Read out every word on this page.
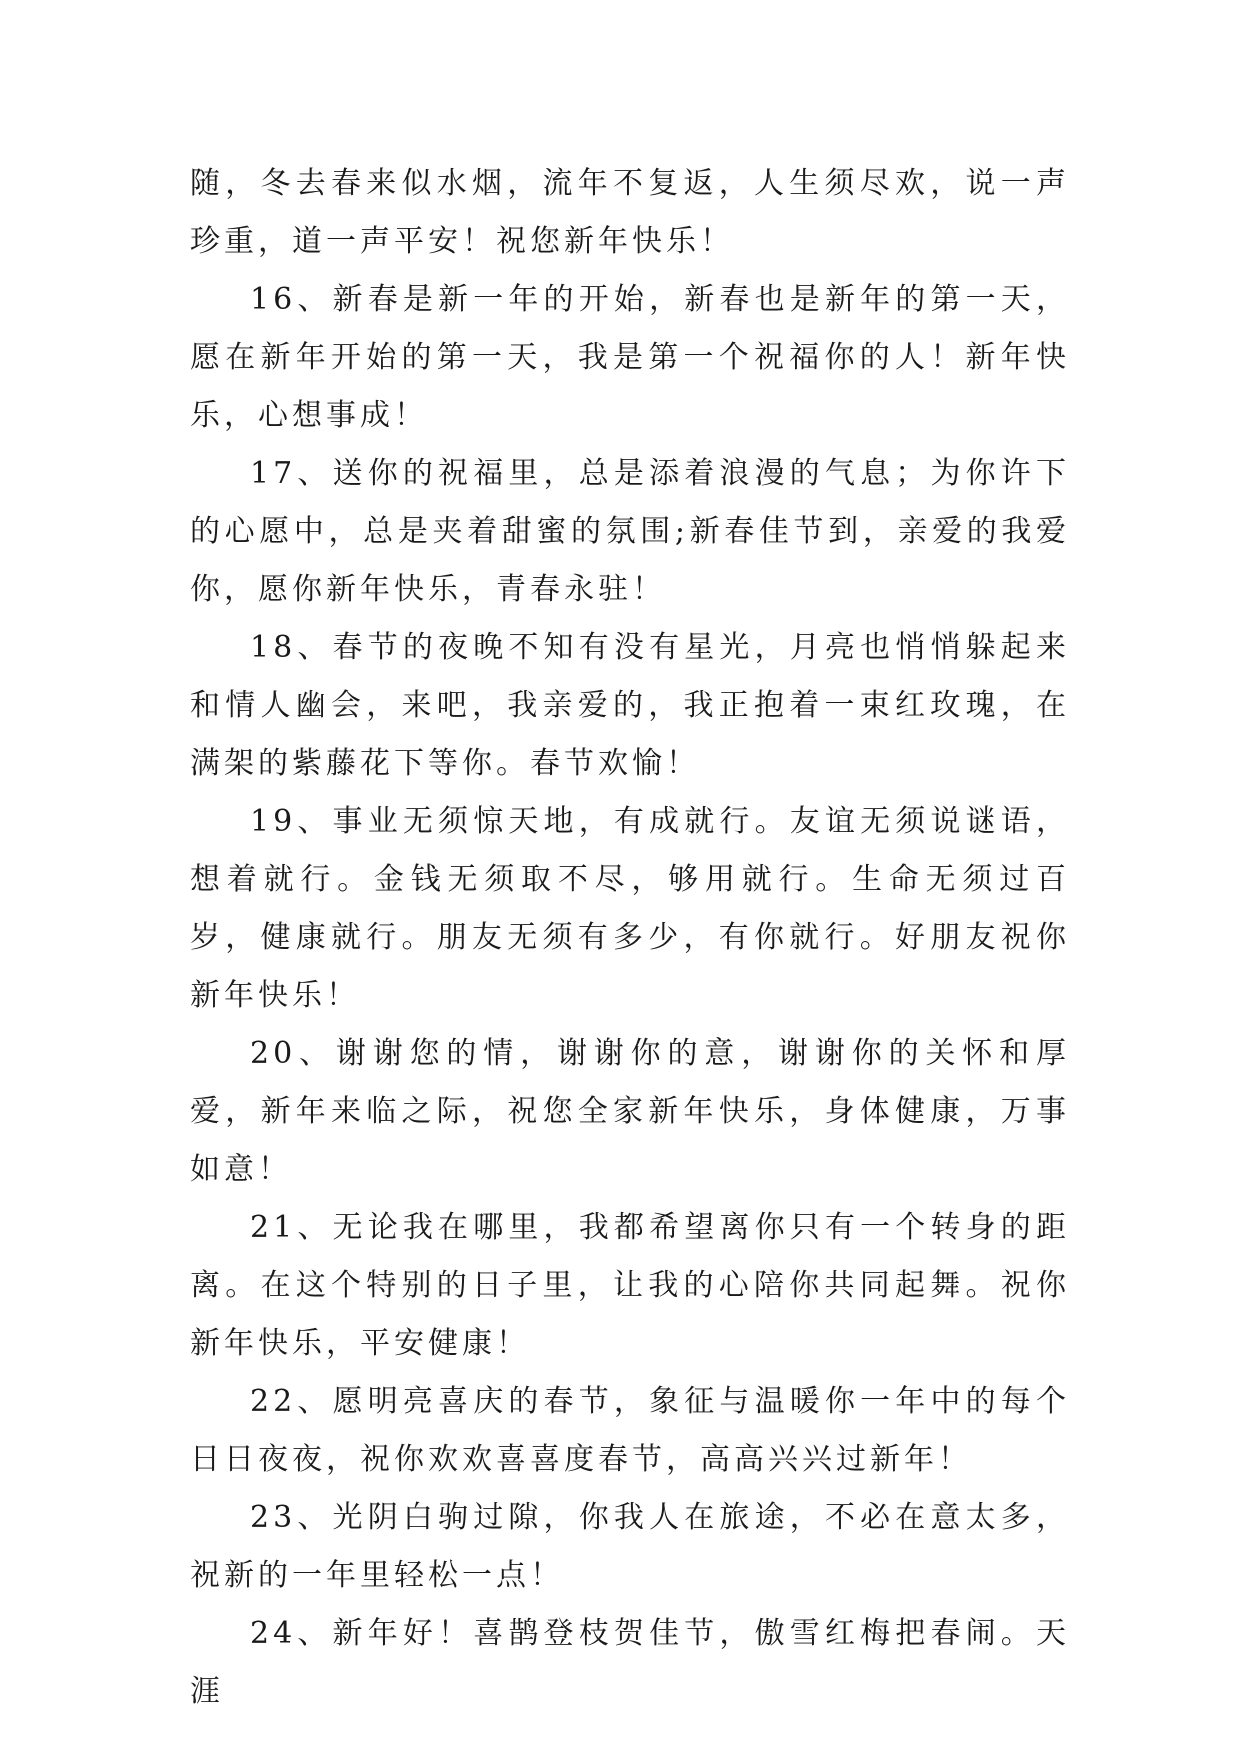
随，冬去春来似水烟，流年不复返，人生须尽欢，说一声珍重，道一声平安！祝您新年快乐！

16、新春是新一年的开始，新春也是新年的第一天，愿在新年开始的第一天，我是第一个祝福你的人！新年快乐，心想事成！

17、送你的祝福里，总是添着浪漫的气息；为你许下的心愿中，总是夹着甜蜜的氛围;新春佳节到，亲爱的我爱你，愿你新年快乐，青春永驻！

18、春节的夜晚不知有没有星光，月亮也悄悄躲起来和情人幽会，来吧，我亲爱的，我正抱着一束红玫瑰，在满架的紫藤花下等你。春节欢愉！

19、事业无须惊天地，有成就行。友谊无须说谜语，想着就行。金钱无须取不尽，够用就行。生命无须过百岁，健康就行。朋友无须有多少，有你就行。好朋友祝你新年快乐！

20、谢谢您的情，谢谢你的意，谢谢你的关怀和厚爱，新年来临之际，祝您全家新年快乐，身体健康，万事如意！

21、无论我在哪里，我都希望离你只有一个转身的距离。在这个特别的日子里，让我的心陪你共同起舞。祝你新年快乐，平安健康！

22、愿明亮喜庆的春节，象征与温暖你一年中的每个日日夜夜，祝你欢欢喜喜度春节，高高兴兴过新年！

23、光阴白驹过隙，你我人在旅途，不必在意太多，祝新的一年里轻松一点！

24、新年好！喜鹊登枝贺佳节，傲雪红梅把春闹。天涯
